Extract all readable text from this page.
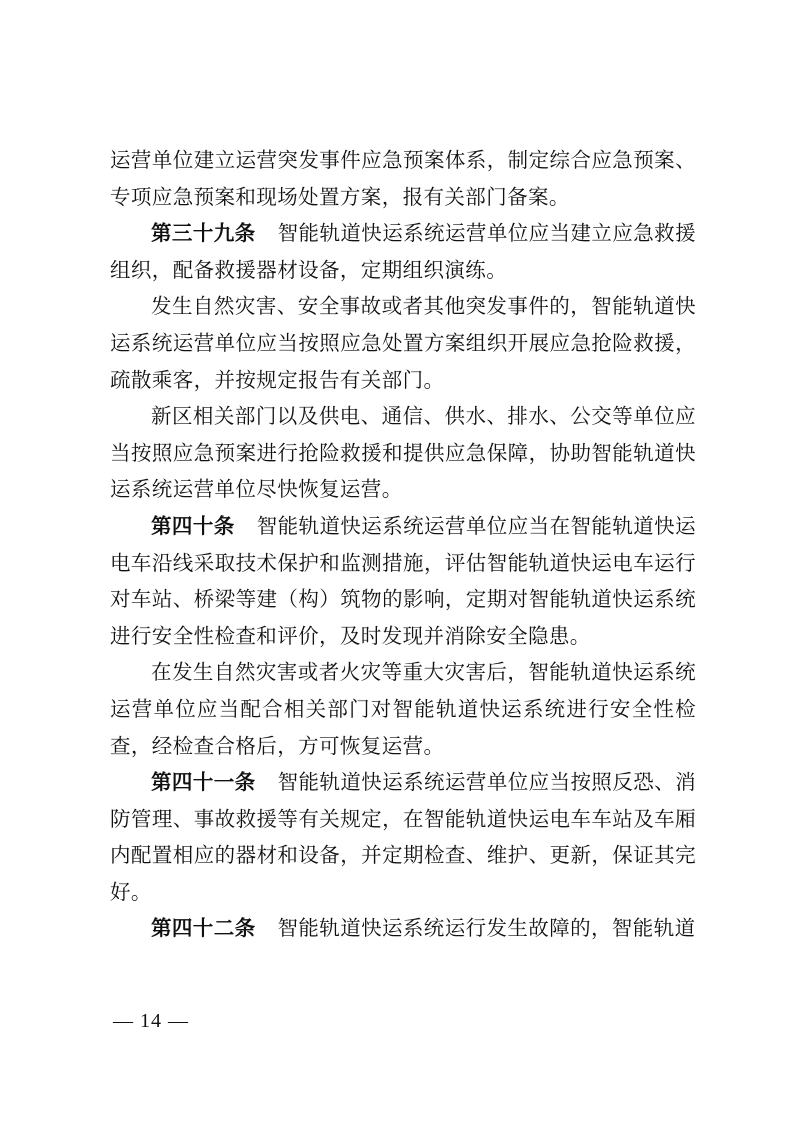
运营单位建立运营突发事件应急预案体系，制定综合应急预案、专项应急预案和现场处置方案，报有关部门备案。

第三十九条 智能轨道快运系统运营单位应当建立应急救援组织，配备救援器材设备，定期组织演练。

发生自然灾害、安全事故或者其他突发事件的，智能轨道快运系统运营单位应当按照应急处置方案组织开展应急抢险救援，疏散乘客，并按规定报告有关部门。

新区相关部门以及供电、通信、供水、排水、公交等单位应当按照应急预案进行抢险救援和提供应急保障，协助智能轨道快运系统运营单位尽快恢复运营。

第四十条 智能轨道快运系统运营单位应当在智能轨道快运电车沿线采取技术保护和监测措施，评估智能轨道快运电车运行对车站、桥梁等建（构）筑物的影响，定期对智能轨道快运系统进行安全性检查和评价，及时发现并消除安全隐患。

在发生自然灾害或者火灾等重大灾害后，智能轨道快运系统运营单位应当配合相关部门对智能轨道快运系统进行安全性检查，经检查合格后，方可恢复运营。

第四十一条 智能轨道快运系统运营单位应当按照反恐、消防管理、事故救援等有关规定，在智能轨道快运电车车站及车厢内配置相应的器材和设备，并定期检查、维护、更新，保证其完好。

第四十二条 智能轨道快运系统运行发生故障的，智能轨道

— 14 —
